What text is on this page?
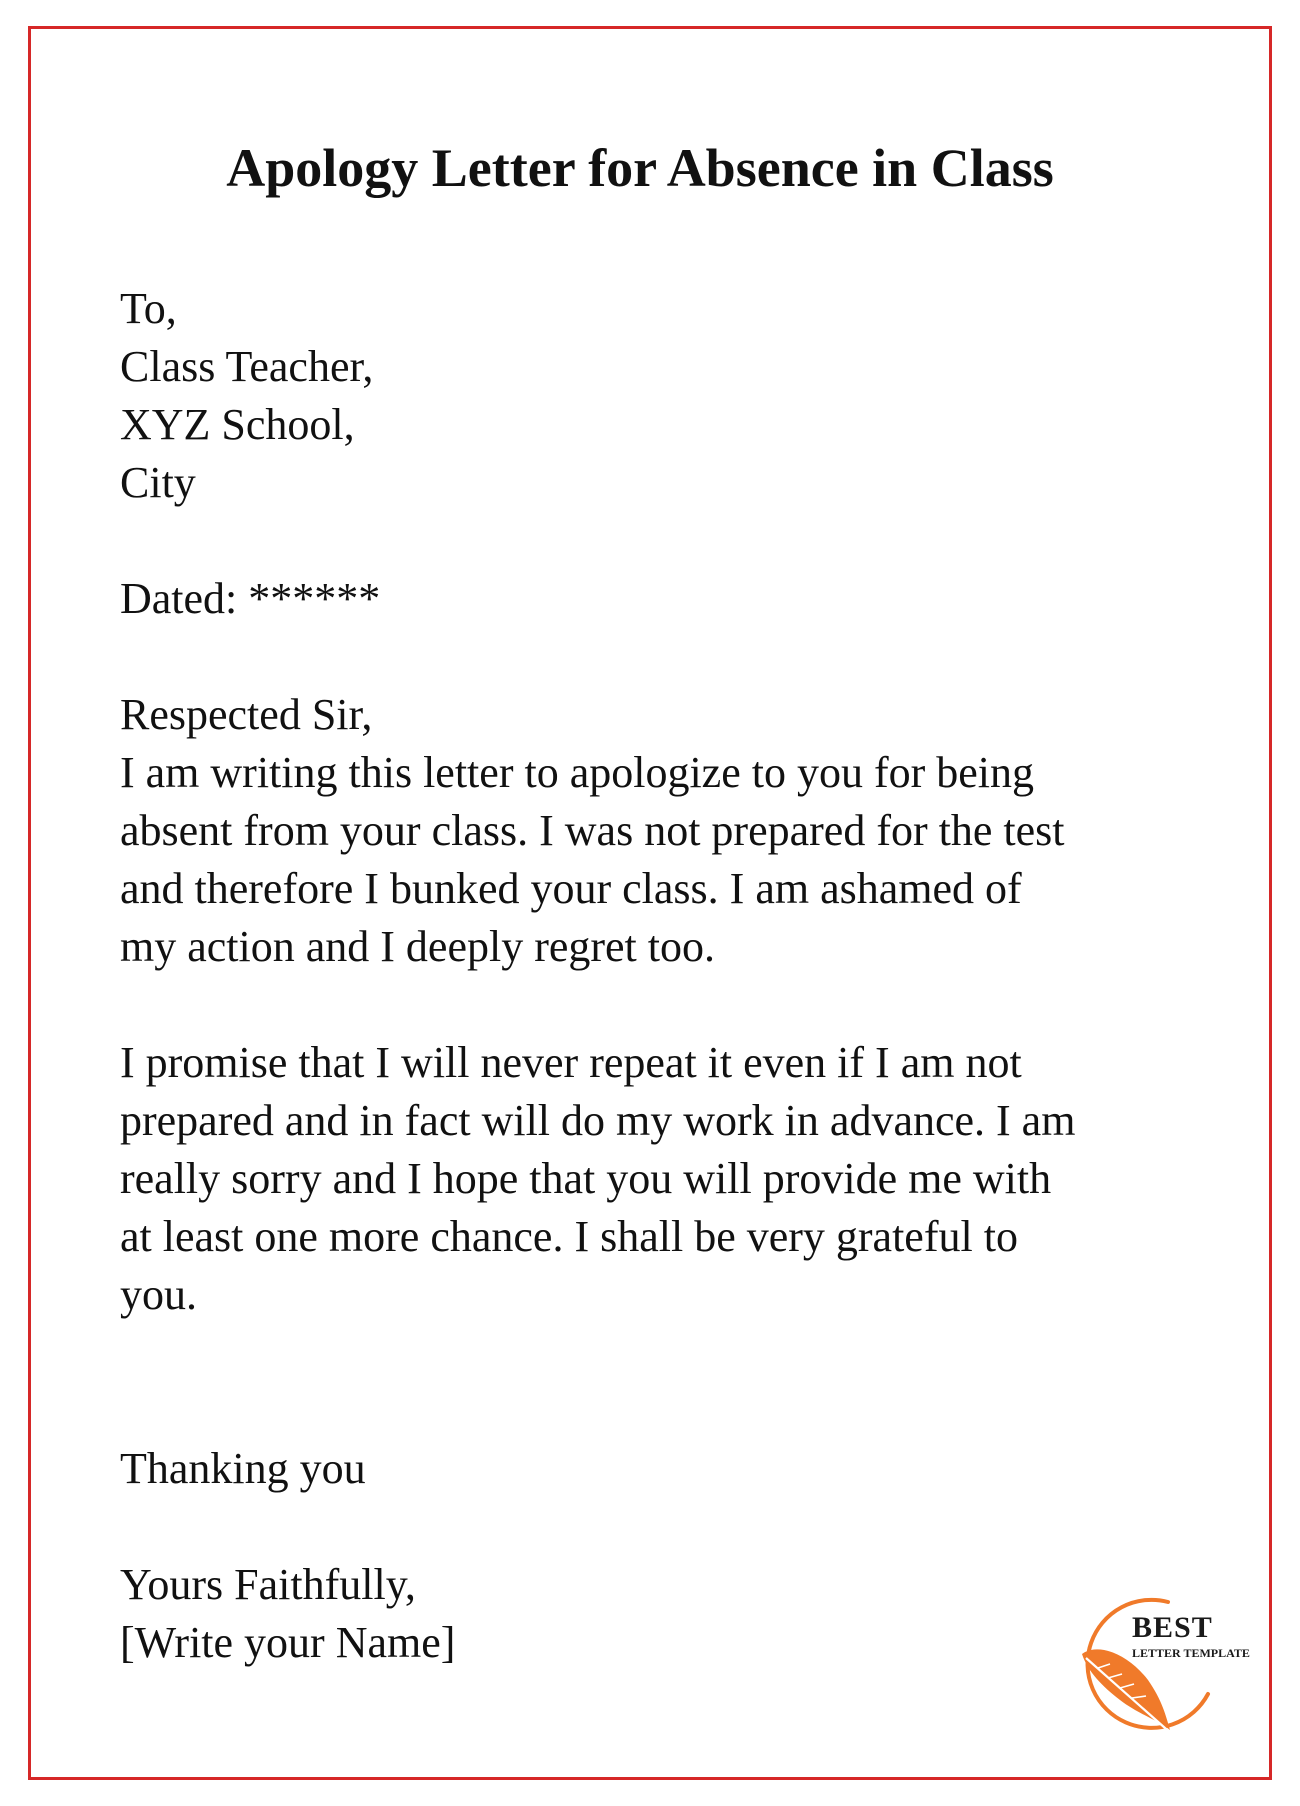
Apology Letter for Absence in Class
To,
Class Teacher,
XYZ School,
City
Dated: ******
Respected Sir,
I am writing this letter to apologize to you for being
absent from your class. I was not prepared for the test
and therefore I bunked your class. I am ashamed of
my action and I deeply regret too.
I promise that I will never repeat it even if I am not
prepared and in fact will do my work in advance. I am
really sorry and I hope that you will provide me with
at least one more chance. I shall be very grateful to
you.
Thanking you
Yours Faithfully,
[Write your Name]	BEST
LETTER TEMPLATE
